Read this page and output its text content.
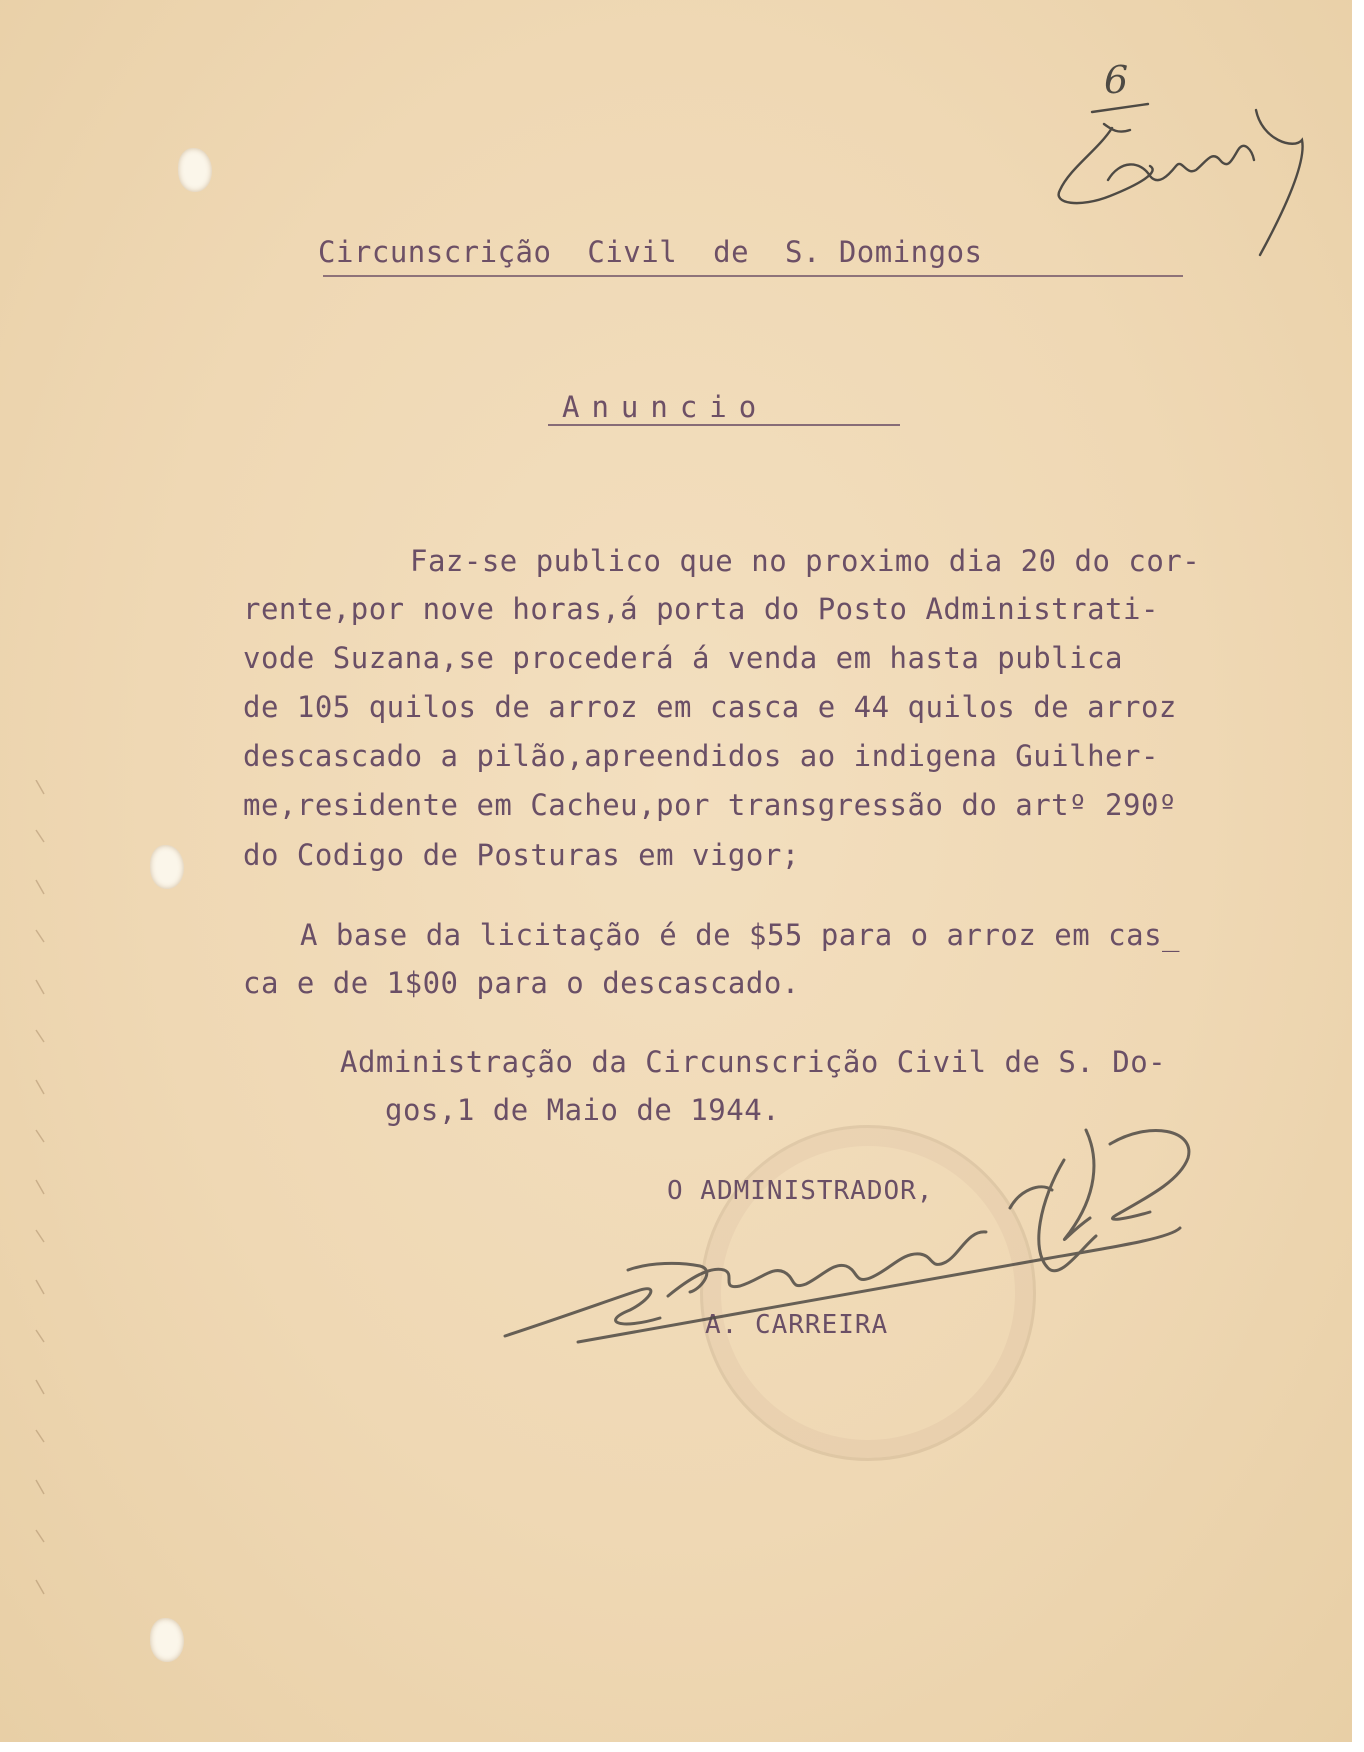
6
Circunscrição  Civil  de  S. Domingos
Anuncio
Faz-se publico que no proximo dia 20 do cor-
rente,por nove horas,á porta do Posto Administrati-
vode Suzana,se procederá á venda em hasta publica
de 105 quilos de arroz em casca e 44 quilos de arroz
descascado a pilão,apreendidos ao indigena Guilher-
me,residente em Cacheu,por transgressão do artº 290º
do Codigo de Posturas em vigor;
A base da licitação é de $55 para o arroz em cas_
ca e de 1$00 para o descascado.
Administração da Circunscrição Civil de S. Do-
gos,1 de Maio de 1944.
O ADMINISTRADOR,
A. CARREIRA
